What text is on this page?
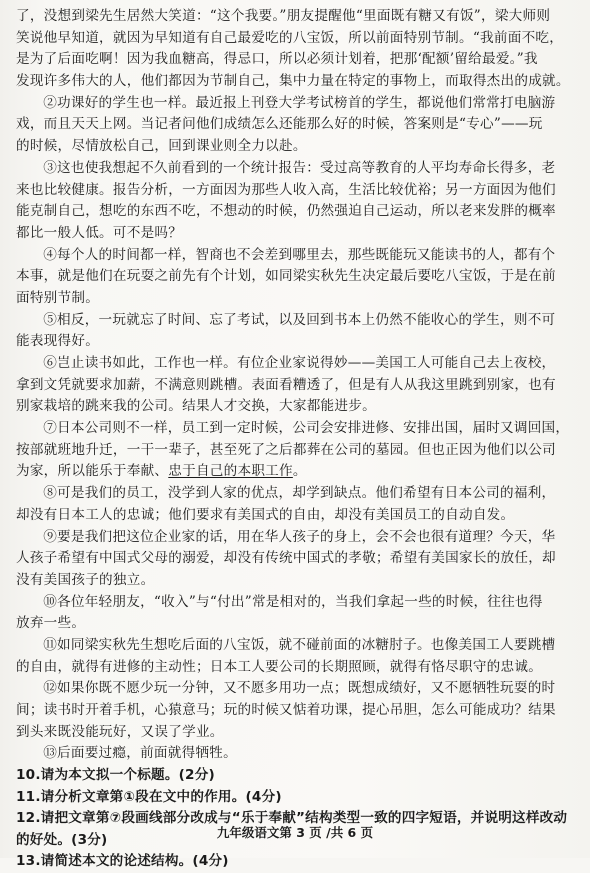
了，没想到梁先生居然大笑道：“这个我要。”朋友提醒他“里面既有糖又有饭”，梁大师则
笑说他早知道，就因为早知道有自己最爱吃的八宝饭，所以前面特别节制。“我前面不吃，
是为了后面吃啊！因为我血糖高，得忌口，所以必须计划着，把那‘配额’留给最爱。”我
发现许多伟大的人，他们都因为节制自己，集中力量在特定的事物上，而取得杰出的成就。
②功课好的学生也一样。最近报上刊登大学考试榜首的学生，都说他们常常打电脑游
戏，而且天天上网。当记者问他们成绩怎么还能那么好的时候，答案则是“专心”——玩
的时候，尽情放松自己，回到课业则全力以赴。
③这也使我想起不久前看到的一个统计报告：受过高等教育的人平均寿命长得多，老
来也比较健康。报告分析，一方面因为那些人收入高，生活比较优裕；另一方面因为他们
能克制自己，想吃的东西不吃，不想动的时候，仍然强迫自己运动，所以老来发胖的概率
都比一般人低。可不是吗？
④每个人的时间都一样，智商也不会差到哪里去，那些既能玩又能读书的人，都有个
本事，就是他们在玩耍之前先有个计划，如同梁实秋先生决定最后要吃八宝饭，于是在前
面特别节制。
⑤相反，一玩就忘了时间、忘了考试，以及回到书本上仍然不能收心的学生，则不可
能表现得好。
⑥岂止读书如此，工作也一样。有位企业家说得妙——美国工人可能自己去上夜校，
拿到文凭就要求加薪，不满意则跳槽。表面看糟透了，但是有人从我这里跳到别家，也有
别家栽培的跳来我的公司。结果人才交换，大家都能进步。
⑦日本公司则不一样，员工到一定时候，公司会安排进修、安排出国，届时又调回国，
按部就班地升迁，一干一辈子，甚至死了之后都葬在公司的墓园。但也正因为他们以公司
为家，所以能乐于奉献、忠于自己的本职工作。
⑧可是我们的员工，没学到人家的优点，却学到缺点。他们希望有日本公司的福利，
却没有日本工人的忠诚；他们要求有美国式的自由，却没有美国员工的自动自发。
⑨要是我们把这位企业家的话，用在华人孩子的身上，会不会也很有道理？今天，华
人孩子希望有中国式父母的溺爱，却没有传统中国式的孝敬；希望有美国家长的放任，却
没有美国孩子的独立。
⑩各位年轻朋友，“收入”与“付出”常是相对的，当我们拿起一些的时候，往往也得
放弃一些。
⑪如同梁实秋先生想吃后面的八宝饭，就不碰前面的冰糖肘子。也像美国工人要跳槽
的自由，就得有进修的主动性；日本工人要公司的长期照顾，就得有恪尽职守的忠诚。
⑫如果你既不愿少玩一分钟，又不愿多用功一点；既想成绩好，又不愿牺牲玩耍的时
间；读书时开着手机，心猿意马；玩的时候又惦着功课，提心吊胆，怎么可能成功？结果
到头来既没能玩好，又误了学业。
⑬后面要过瘾，前面就得牺牲。
10.请为本文拟一个标题。(2分)
11.请分析文章第①段在文中的作用。(4分)
12.请把文章第⑦段画线部分改成与“乐于奉献”结构类型一致的四字短语，并说明这样改动
的好处。(3分)
13.请简述本文的论述结构。(4分)
九年级语文第 3 页 /共 6 页
